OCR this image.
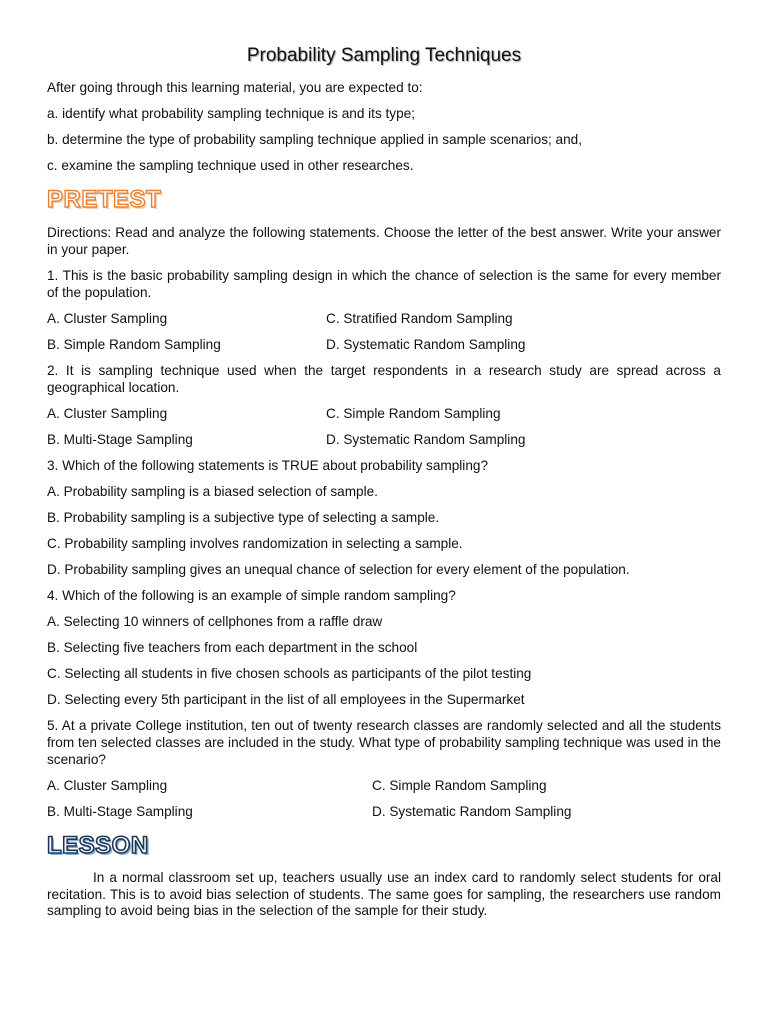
Probability Sampling Techniques

After going through this learning material, you are expected to:

a. identify what probability sampling technique is and its type;

b. determine the type of probability sampling technique applied in sample scenarios; and,

c. examine the sampling technique used in other researches.

PRETEST

Directions: Read and analyze the following statements. Choose the letter of the best answer. Write your answer in your paper.

1. This is the basic probability sampling design in which the chance of selection is the same for every member of the population.

A. Cluster Sampling	C. Stratified Random Sampling
B. Simple Random Sampling	D. Systematic Random Sampling

2. It is sampling technique used when the target respondents in a research study are spread across a geographical location.

A. Cluster Sampling	C. Simple Random Sampling
B. Multi-Stage Sampling	D. Systematic Random Sampling

3. Which of the following statements is TRUE about probability sampling?

A. Probability sampling is a biased selection of sample.

B. Probability sampling is a subjective type of selecting a sample.

C. Probability sampling involves randomization in selecting a sample.

D. Probability sampling gives an unequal chance of selection for every element of the population.

4. Which of the following is an example of simple random sampling?

A. Selecting 10 winners of cellphones from a raffle draw

B. Selecting five teachers from each department in the school

C. Selecting all students in five chosen schools as participants of the pilot testing

D. Selecting every 5th participant in the list of all employees in the Supermarket

5. At a private College institution, ten out of twenty research classes are randomly selected and all the students from ten selected classes are included in the study. What type of probability sampling technique was used in the scenario?

A. Cluster Sampling	C. Simple Random Sampling
B. Multi-Stage Sampling	D. Systematic Random Sampling
LESSON

In a normal classroom set up, teachers usually use an index card to randomly select students for oral recitation. This is to avoid bias selection of students. The same goes for sampling, the researchers use random sampling to avoid being bias in the selection of the sample for their study.
